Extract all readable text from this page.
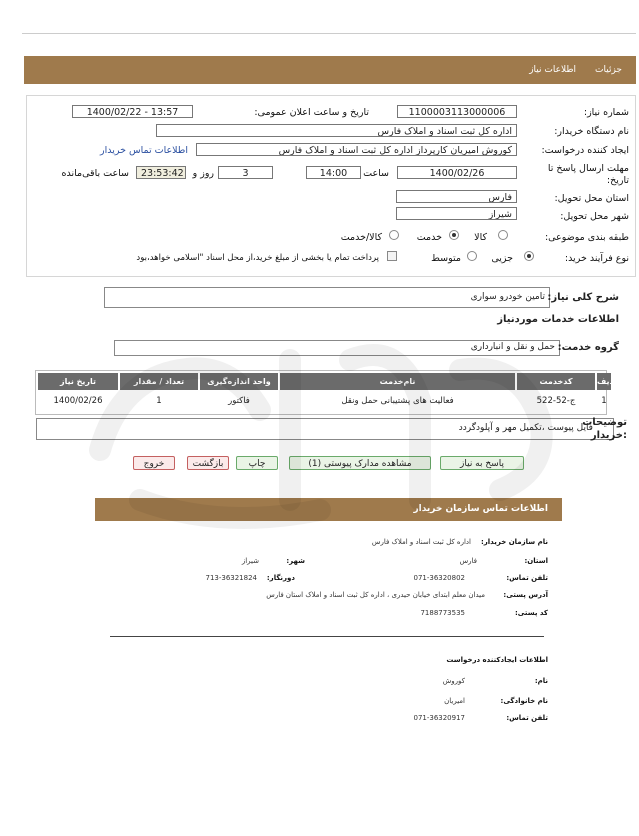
جزئیات
اطلاعات نیاز
شماره نیاز:
1100003113000006
تاریخ و ساعت اعلان عمومی:
1400/02/22 - 13:57
نام دستگاه خریدار:
اداره کل ثبت اسناد و املاک فارس
ایجاد کننده درخواست:
کوروش امیریان کارپرداز اداره کل ثبت اسناد و املاک فارس
اطلاعات تماس خریدار
مهلت ارسال پاسخ تا
تاریخ:
1400/02/26
ساعت
14:00
3
روز و
23:53:42
ساعت باقی‌مانده
استان محل تحویل:
فارس
شهر محل تحویل:
شیراز
طبقه بندی موضوعی:
کالا
خدمت
کالا/خدمت
نوع فرآیند خرید:
جزیی
متوسط
پرداخت تمام یا بخشی از مبلغ خرید،از محل اسناد "اسلامی خواهد،بود
تامین خودرو سواری شرح کلی نیاز:
اطلاعات خدمات موردنیاز
حمل و نقل و انبارداری گروه خدمت:
ردیف
کدخدمت
نام‌خدمت
واحد اندازه‌گیری
تعداد / مقدار
تاریخ نیاز
1
ج-52-522
فعالیت های پشتیبانی حمل ونقل
فاکتور
1
1400/02/26
فایل پیوست ،تکمیل مهر و آپلودگردد
توضیحات
:خریدار
پاسخ به نیاز
مشاهده مدارک پیوستی (1)
چاپ
بازگشت
خروج
اطلاعات تماس سازمان خریدار
نام سازمان خریدار:
اداره کل ثبت اسناد و املاک فارس
استان:
فارس
شهر:
شیراز
تلفن تماس:
071-36320802
دورنگار:
713-36321824
آدرس پستی:
میدان معلم ابتدای خیابان حیدری ، اداره کل ثبت اسناد و املاک استان فارس
کد پستی:
7188773535
اطلاعات ایجادکننده درخواست
نام:
کوروش
نام خانوادگی:
امیریان
تلفن تماس:
071-36320917
